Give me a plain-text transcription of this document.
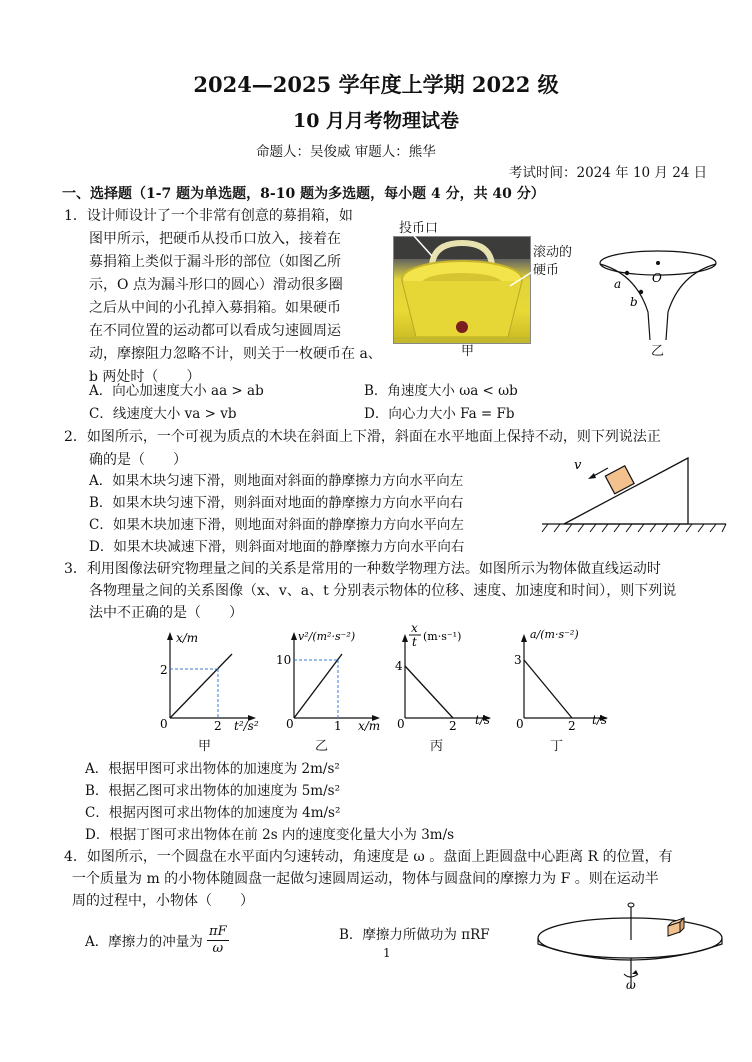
2024—2025 学年度上学期 2022 级
10 月月考物理试卷
命题人：吴俊威 审题人：熊华
考试时间：2024 年 10 月 24 日
一、选择题（1-7 题为单选题，8-10 题为多选题，每小题 4 分，共 40 分）
1．设计师设计了一个非常有创意的募捐箱，如
图甲所示，把硬币从投币口放入，接着在
募捐箱上类似于漏斗形的部位（如图乙所
示，O 点为漏斗形口的圆心）滑动很多圈
之后从中间的小孔掉入募捐箱。如果硬币
在不同位置的运动都可以看成匀速圆周运
动，摩擦阻力忽略不计，则关于一枚硬币在 a、
b 两处时（　　）
投币口
滚动的
硬币
甲
O
a
b
乙
A．向心加速度大小 aa > ab	B．角速度大小 ωa < ωb
C．线速度大小 va > vb	D．向心力大小 Fa = Fb
2．如图所示，一个可视为质点的木块在斜面上下滑，斜面在水平地面上保持不动，则下列说法正
确的是（　　）
A．如果木块匀速下滑，则地面对斜面的静摩擦力方向水平向左
B．如果木块匀速下滑，则斜面对地面的静摩擦力方向水平向右
C．如果木块加速下滑，则地面对斜面的静摩擦力方向水平向左
D．如果木块减速下滑，则斜面对地面的静摩擦力方向水平向右
v
3．利用图像法研究物理量之间的关系是常用的一种数学物理方法。如图所示为物体做直线运动时
各物理量之间的关系图像（x、v、a、t 分别表示物体的位移、速度、加速度和时间），则下列说
法中不正确的是（　　）
x/m
2
2
0	t²/s²
甲
v²/(m²·s⁻²)
10
1
0	x/m
乙
x
t (m·s⁻¹)
4
2
0	t/s
丙
a/(m·s⁻²)
3
2
0	t/s
丁
A．根据甲图可求出物体的加速度为 2m/s²
B．根据乙图可求出物体的加速度为 5m/s²
C．根据丙图可求出物体的加速度为 4m/s²
D．根据丁图可求出物体在前 2s 内的速度变化量大小为 3m/s
4．如图所示，一个圆盘在水平面内匀速转动，角速度是 ω 。盘面上距圆盘中心距离 R 的位置，有
一个质量为 m 的小物体随圆盘一起做匀速圆周运动，物体与圆盘间的摩擦力为 F 。则在运动半
周的过程中，小物体（　　）
A．摩擦力的冲量为 $\frac{\pi F}{\omega}$	B．摩擦力所做功为 πRF
ω
1
